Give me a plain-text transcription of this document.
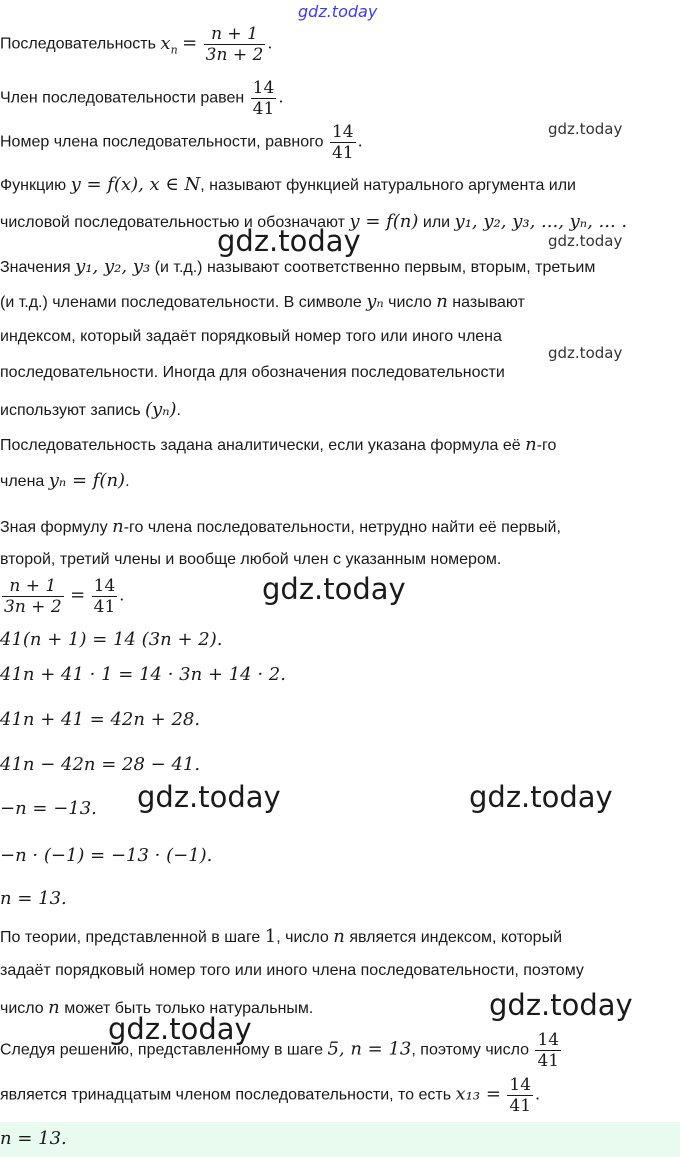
gdz.today
gdz.today
gdz.today	gdz.today
gdz.today
gdz.today
gdz.today	gdz.today
gdz.today
gdz.today
Последовательность $x_n = \frac{n + 1}{3n + 2}$ .
Член последовательности равен $\frac{14}{41}$ .
Номер члена последовательности, равного $\frac{14}{41}$ .
Функцию y = f(x), x ∈ N, называют функцией натурального аргумента или
числовой последовательностью и обозначают y = f(n) или y₁, y₂, y₃, ..., yₙ, ... .
Значения y₁, y₂, y₃ (и т.д.) называют соответственно первым, вторым, третьим
(и т.д.) членами последовательности. В символе yₙ число n называют
индексом, который задаёт порядковый номер того или иного члена
последовательности. Иногда для обозначения последовательности
используют запись (yₙ).
Последовательность задана аналитически, если указана формула её n-го
члена yₙ = f(n).
Зная формулу n-го члена последовательности, нетрудно найти её первый,
второй, третий члены и вообще любой член с указанным номером.
$\frac{n + 1}{3n + 2} = \frac{14}{41}$ .
41(n + 1) = 14 (3n + 2).
41n + 41 · 1 = 14 · 3n + 14 · 2.
41n + 41 = 42n + 28.
41n − 42n = 28 − 41.
−n = −13.
−n · (−1) = −13 · (−1).
n = 13.
По теории, представленной в шаге 1, число n является индексом, который
задаёт порядковый номер того или иного члена последовательности, поэтому
число n может быть только натуральным.
Следуя решению, представленному в шаге 5, n = 13, поэтому число $\frac{14}{41}$
является тринадцатым членом последовательности, то есть $x_{13} = \frac{14}{41}$ .
n = 13.
